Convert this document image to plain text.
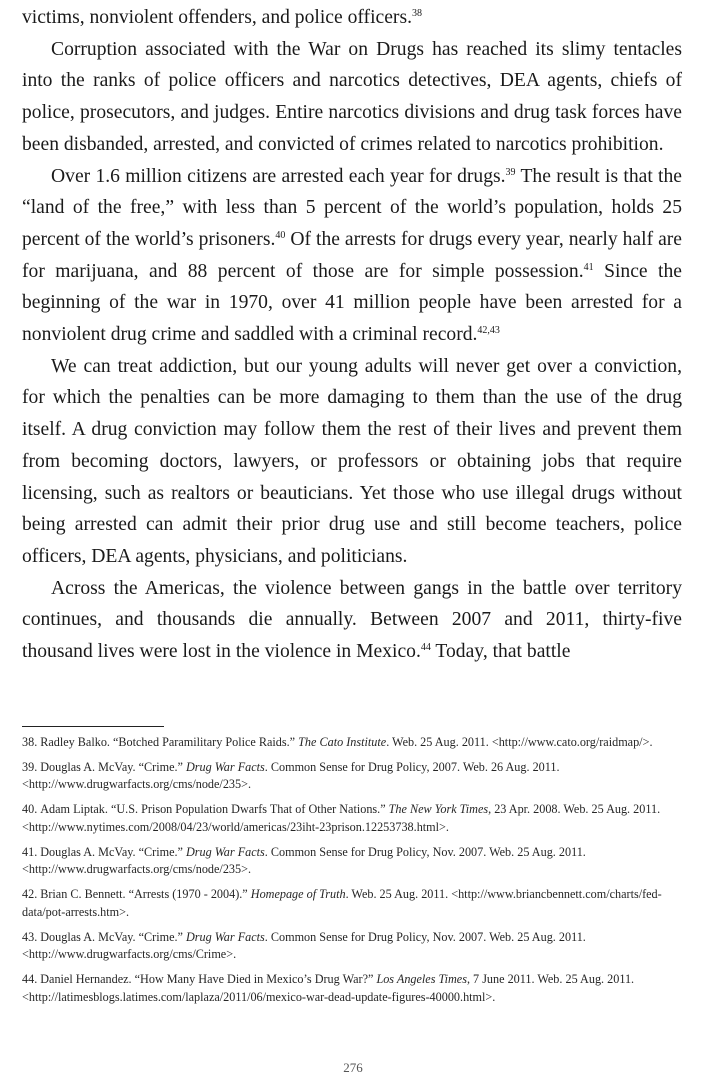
victims, nonviolent offenders, and police officers.$^{38}$

Corruption associated with the War on Drugs has reached its slimy tentacles into the ranks of police officers and narcotics detectives, DEA agents, chiefs of police, prosecutors, and judges. Entire narcotics divisions and drug task forces have been disbanded, arrested, and convicted of crimes related to narcotics prohibition.

Over 1.6 million citizens are arrested each year for drugs.$^{39}$ The result is that the “land of the free,” with less than 5 percent of the world’s population, holds 25 percent of the world’s prisoners.$^{40}$ Of the arrests for drugs every year, nearly half are for marijuana, and 88 percent of those are for simple possession.$^{41}$ Since the beginning of the war in 1970, over 41 million people have been arrested for a nonviolent drug crime and saddled with a criminal record.$^{42,43}$

We can treat addiction, but our young adults will never get over a conviction, for which the penalties can be more damaging to them than the use of the drug itself. A drug conviction may follow them the rest of their lives and prevent them from becoming doctors, lawyers, or professors or obtaining jobs that require licensing, such as realtors or beauticians. Yet those who use illegal drugs without being arrested can admit their prior drug use and still become teachers, police officers, DEA agents, physicians, and politicians.

Across the Americas, the violence between gangs in the battle over territory continues, and thousands die annually. Between 2007 and 2011, thirty-five thousand lives were lost in the violence in Mexico.$^{44}$ Today, that battle

38. Radley Balko. “Botched Paramilitary Police Raids.” The Cato Institute. Web. 25 Aug. 2011. <http://www.cato.org/raidmap/>.

39. Douglas A. McVay. “Crime.” Drug War Facts. Common Sense for Drug Policy, 2007. Web. 26 Aug. 2011. <http://www.drugwarfacts.org/cms/node/235>.

40. Adam Liptak. “U.S. Prison Population Dwarfs That of Other Nations.” The New York Times, 23 Apr. 2008. Web. 25 Aug. 2011. <http://www.nytimes.com/2008/04/23/world/americas/23iht-23prison.12253738.html>.

41. Douglas A. McVay. “Crime.” Drug War Facts. Common Sense for Drug Policy, Nov. 2007. Web. 25 Aug. 2011. <http://www.drugwarfacts.org/cms/node/235>.

42. Brian C. Bennett. “Arrests (1970 - 2004).” Homepage of Truth. Web. 25 Aug. 2011. <http://www.briancbennett.com/charts/fed-data/pot-arrests.htm>.

43. Douglas A. McVay. “Crime.” Drug War Facts. Common Sense for Drug Policy, Nov. 2007. Web. 25 Aug. 2011. <http://www.drugwarfacts.org/cms/Crime>.

44. Daniel Hernandez. “How Many Have Died in Mexico’s Drug War?” Los Angeles Times, 7 June 2011. Web. 25 Aug. 2011. <http://latimesblogs.latimes.com/laplaza/2011/06/mexico-war-dead-update-figures-40000.html>.

276
